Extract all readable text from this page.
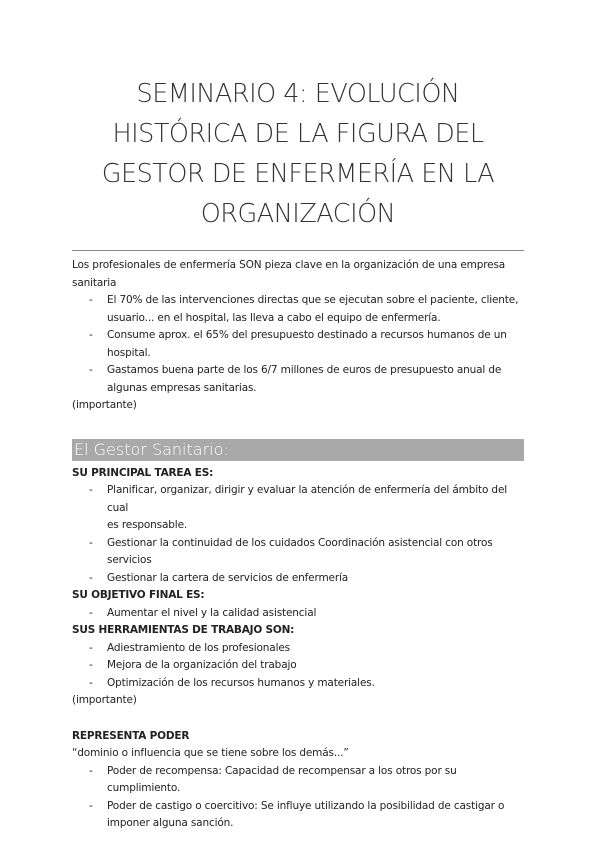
SEMINARIO 4: EVOLUCIÓN
HISTÓRICA DE LA FIGURA DEL
GESTOR DE ENFERMERÍA EN LA
ORGANIZACIÓN
Los profesionales de enfermería SON pieza clave en la organización de una empresa
sanitaria
- El 70% de las intervenciones directas que se ejecutan sobre el paciente, cliente,
usuario... en el hospital, las lleva a cabo el equipo de enfermería.
- Consume aprox. el 65% del presupuesto destinado a recursos humanos de un
hospital.
- Gastamos buena parte de los 6/7 millones de euros de presupuesto anual de
algunas empresas sanitarias.
(importante)
El Gestor Sanitario:
SU PRINCIPAL TAREA ES:
- Planificar, organizar, dirigir y evaluar la atención de enfermería del ámbito del cual
es responsable.
- Gestionar la continuidad de los cuidados Coordinación asistencial con otros servicios
- Gestionar la cartera de servicios de enfermería
SU OBJETIVO FINAL ES:
- Aumentar el nivel y la calidad asistencial
SUS HERRAMIENTAS DE TRABAJO SON:
- Adiestramiento de los profesionales
- Mejora de la organización del trabajo
- Optimización de los recursos humanos y materiales.
(importante)
REPRESENTA PODER
“dominio o influencia que se tiene sobre los demás...”
- Poder de recompensa: Capacidad de recompensar a los otros por su cumplimiento.
- Poder de castigo o coercitivo: Se influye utilizando la posibilidad de castigar o
imponer alguna sanción.
